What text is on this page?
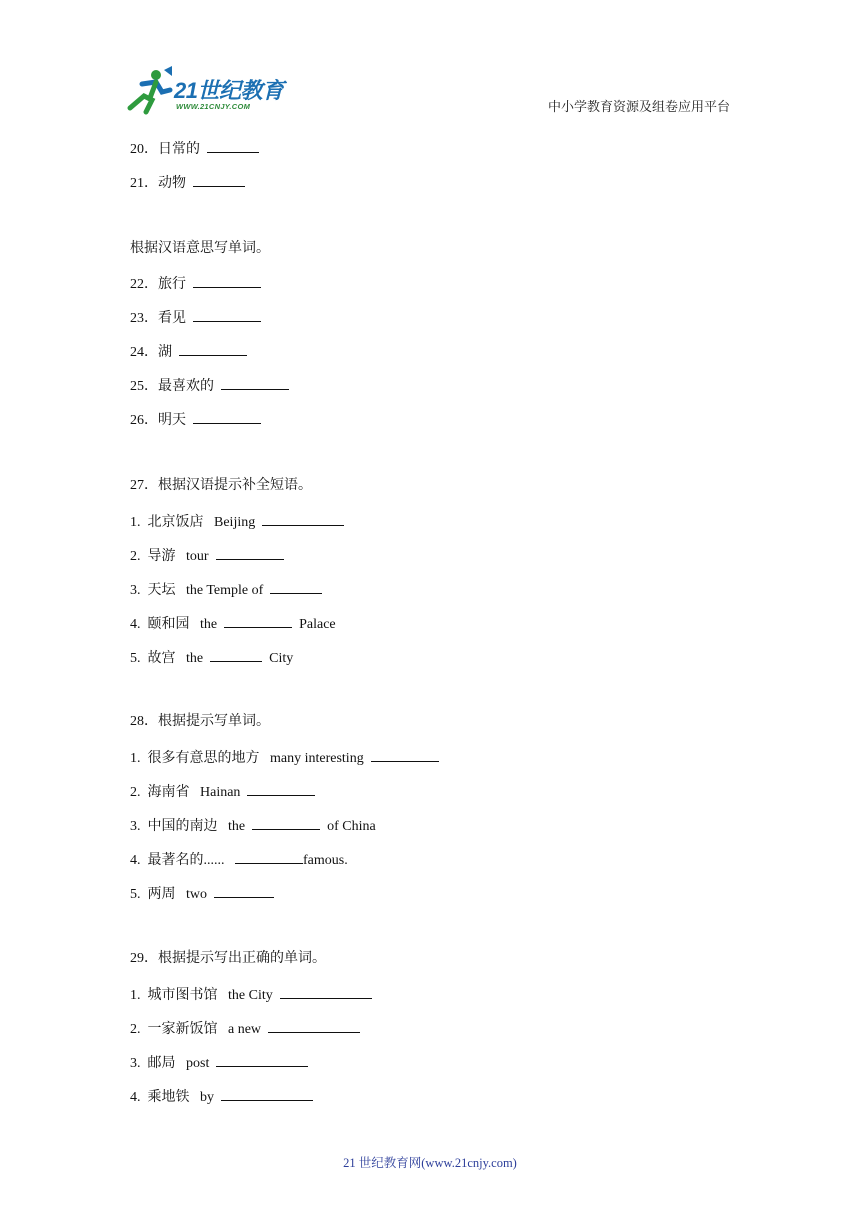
21世纪教育
WWW.21CNJY.COM	中小学教育资源及组卷应用平台
20．日常的
21．动物
根据汉语意思写单词。
22．旅行
23．看见
24．湖
25．最喜欢的
26．明天
27．根据汉语提示补全短语。
1.  北京饭店   Beijing
2.  导游   tour
3.  天坛   the Temple of
4.  颐和园   the	Palace
5.  故宫   the	City
28．根据提示写单词。
1.  很多有意思的地方   many interesting
2.  海南省   Hainan
3.  中国的南边   the	of China
4.  最著名的......	famous.
5.  两周   two
29．根据提示写出正确的单词。
1.  城市图书馆   the City
2.  一家新饭馆   a new
3.  邮局   post
4.  乘地铁   by
21 世纪教育网(www.21cnjy.com)
